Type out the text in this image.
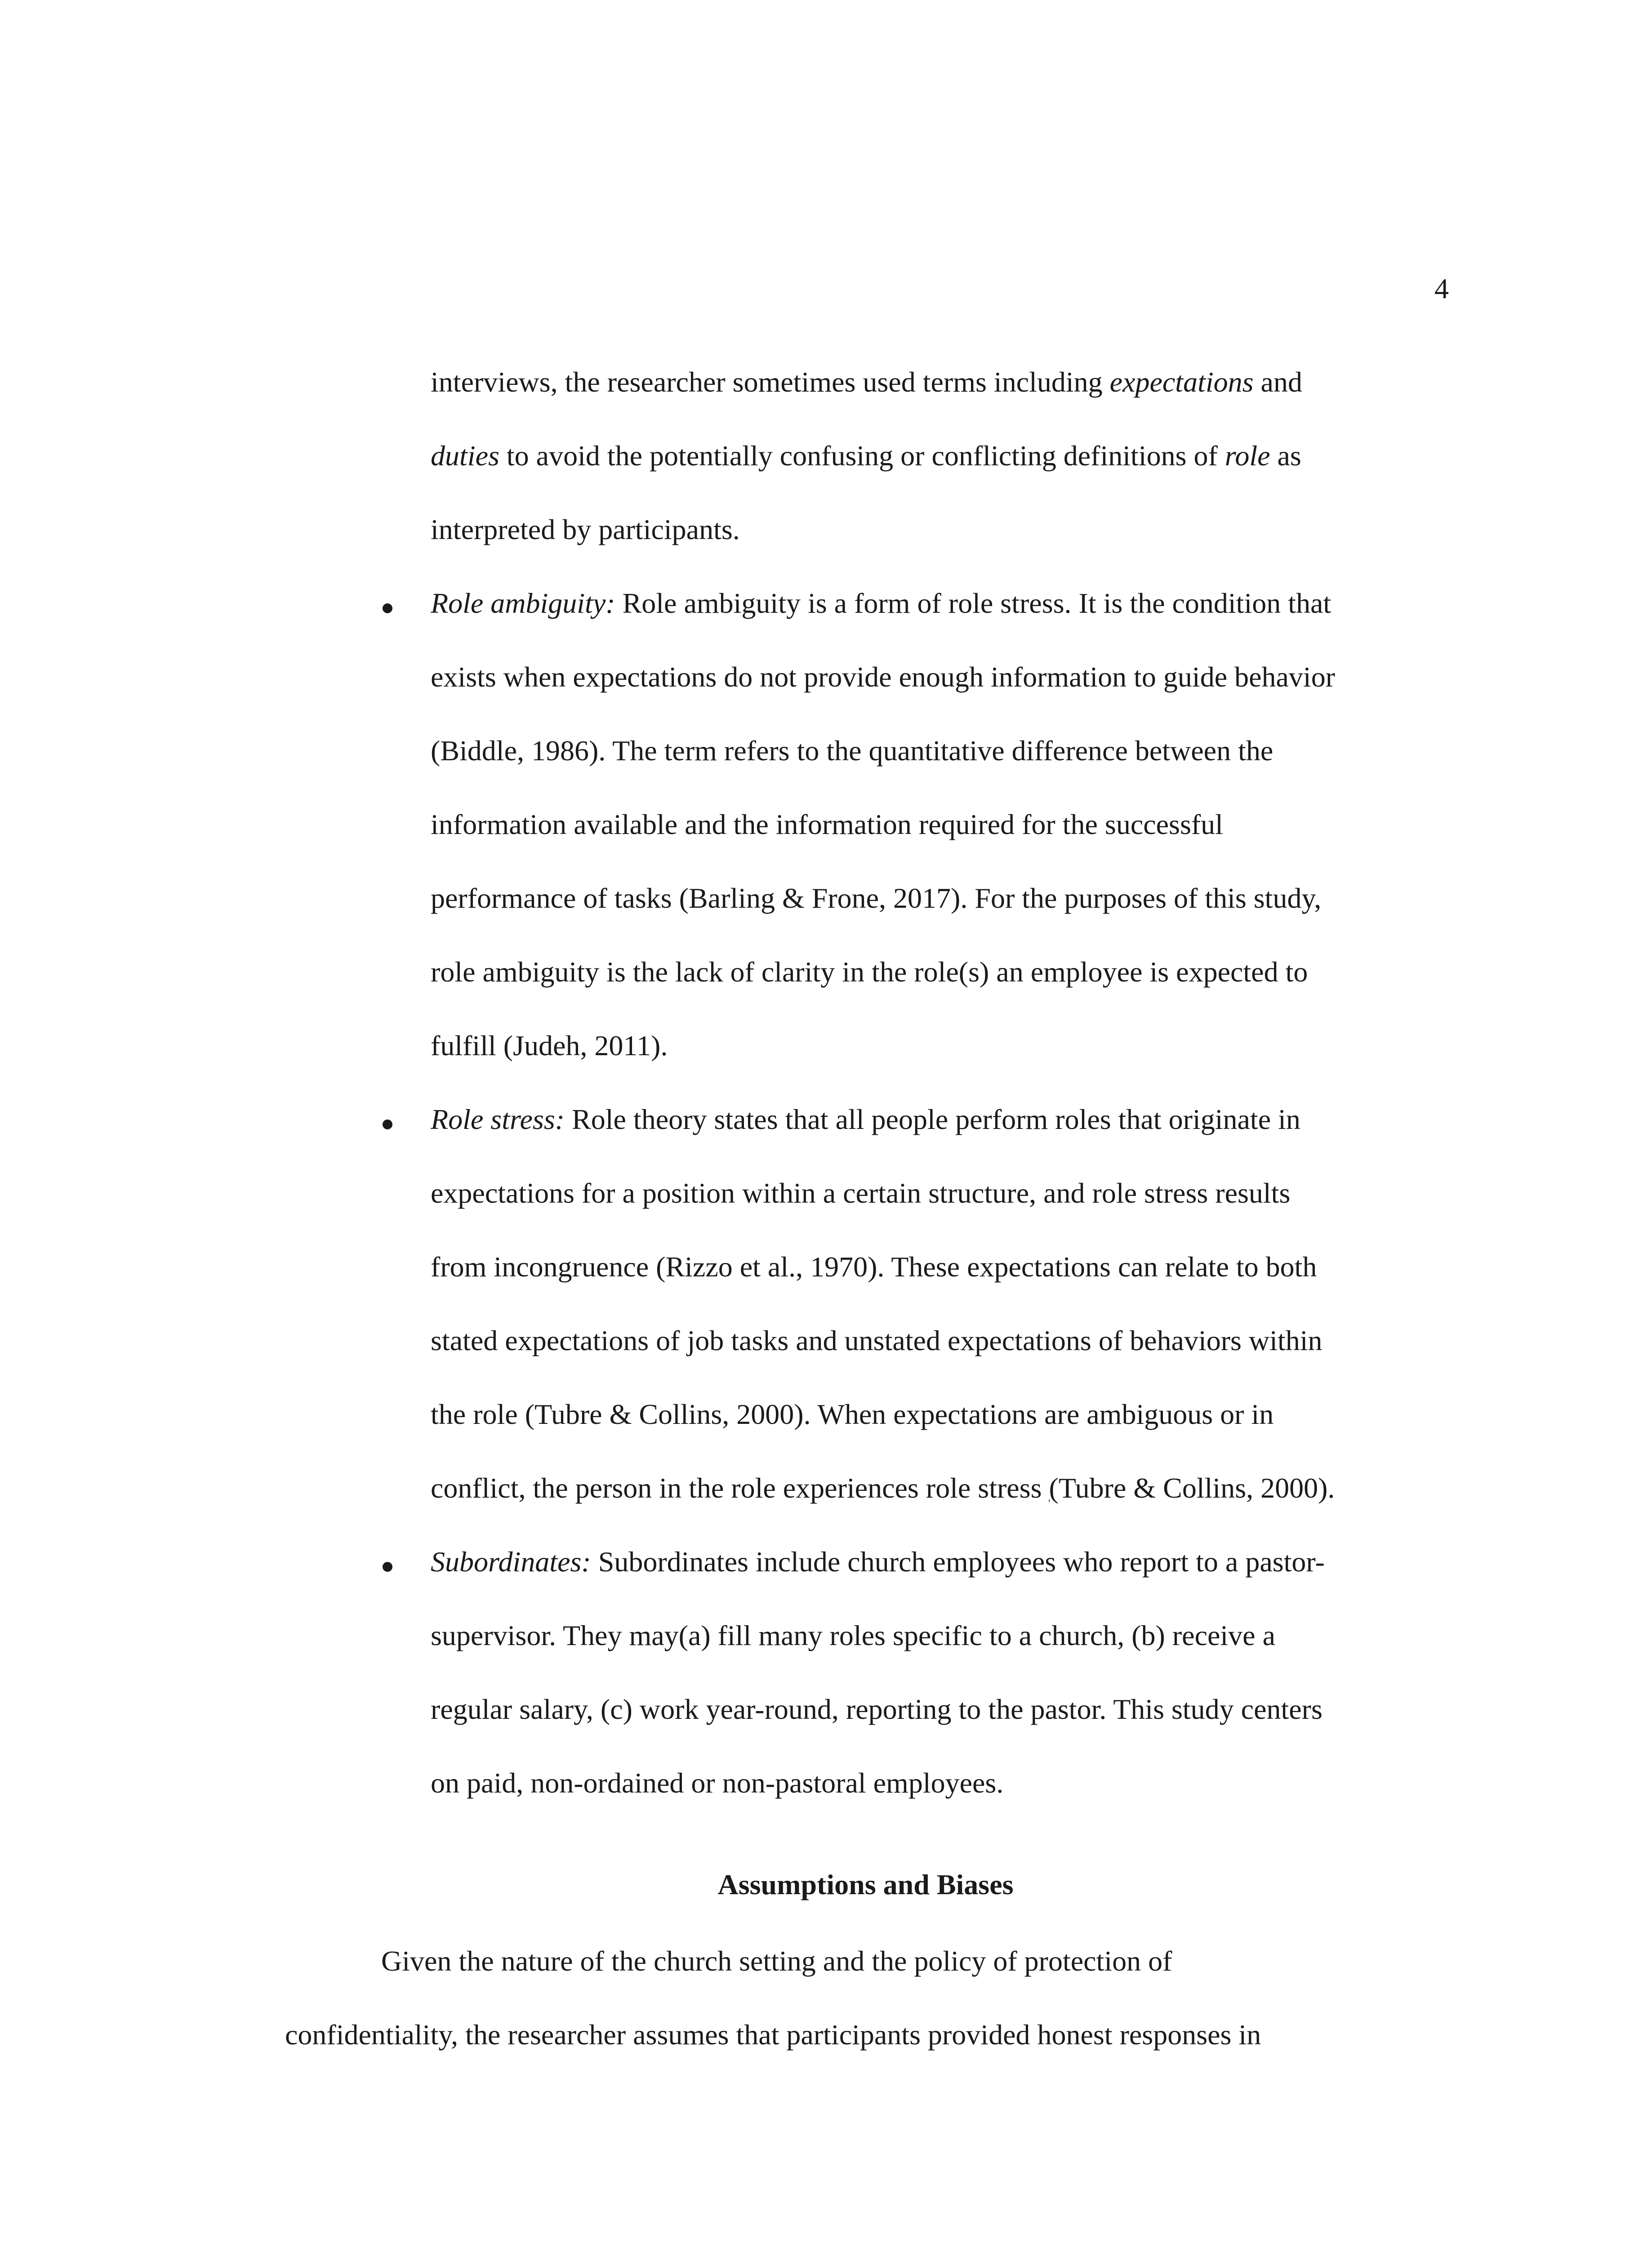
4
interviews, the researcher sometimes used terms including expectations and
duties to avoid the potentially confusing or conflicting definitions of role as
interpreted by participants.
Role ambiguity: Role ambiguity is a form of role stress. It is the condition that
exists when expectations do not provide enough information to guide behavior
(Biddle, 1986). The term refers to the quantitative difference between the
information available and the information required for the successful
performance of tasks (Barling & Frone, 2017). For the purposes of this study,
role ambiguity is the lack of clarity in the role(s) an employee is expected to
fulfill (Judeh, 2011).
Role stress: Role theory states that all people perform roles that originate in
expectations for a position within a certain structure, and role stress results
from incongruence (Rizzo et al., 1970). These expectations can relate to both
stated expectations of job tasks and unstated expectations of behaviors within
the role (Tubre & Collins, 2000). When expectations are ambiguous or in
conflict, the person in the role experiences role stress (Tubre & Collins, 2000).
Subordinates: Subordinates include church employees who report to a pastor-
supervisor. They may(a) fill many roles specific to a church, (b) receive a
regular salary, (c) work year-round, reporting to the pastor. This study centers
on paid, non-ordained or non-pastoral employees.
Assumptions and Biases
Given the nature of the church setting and the policy of protection of
confidentiality, the researcher assumes that participants provided honest responses in
